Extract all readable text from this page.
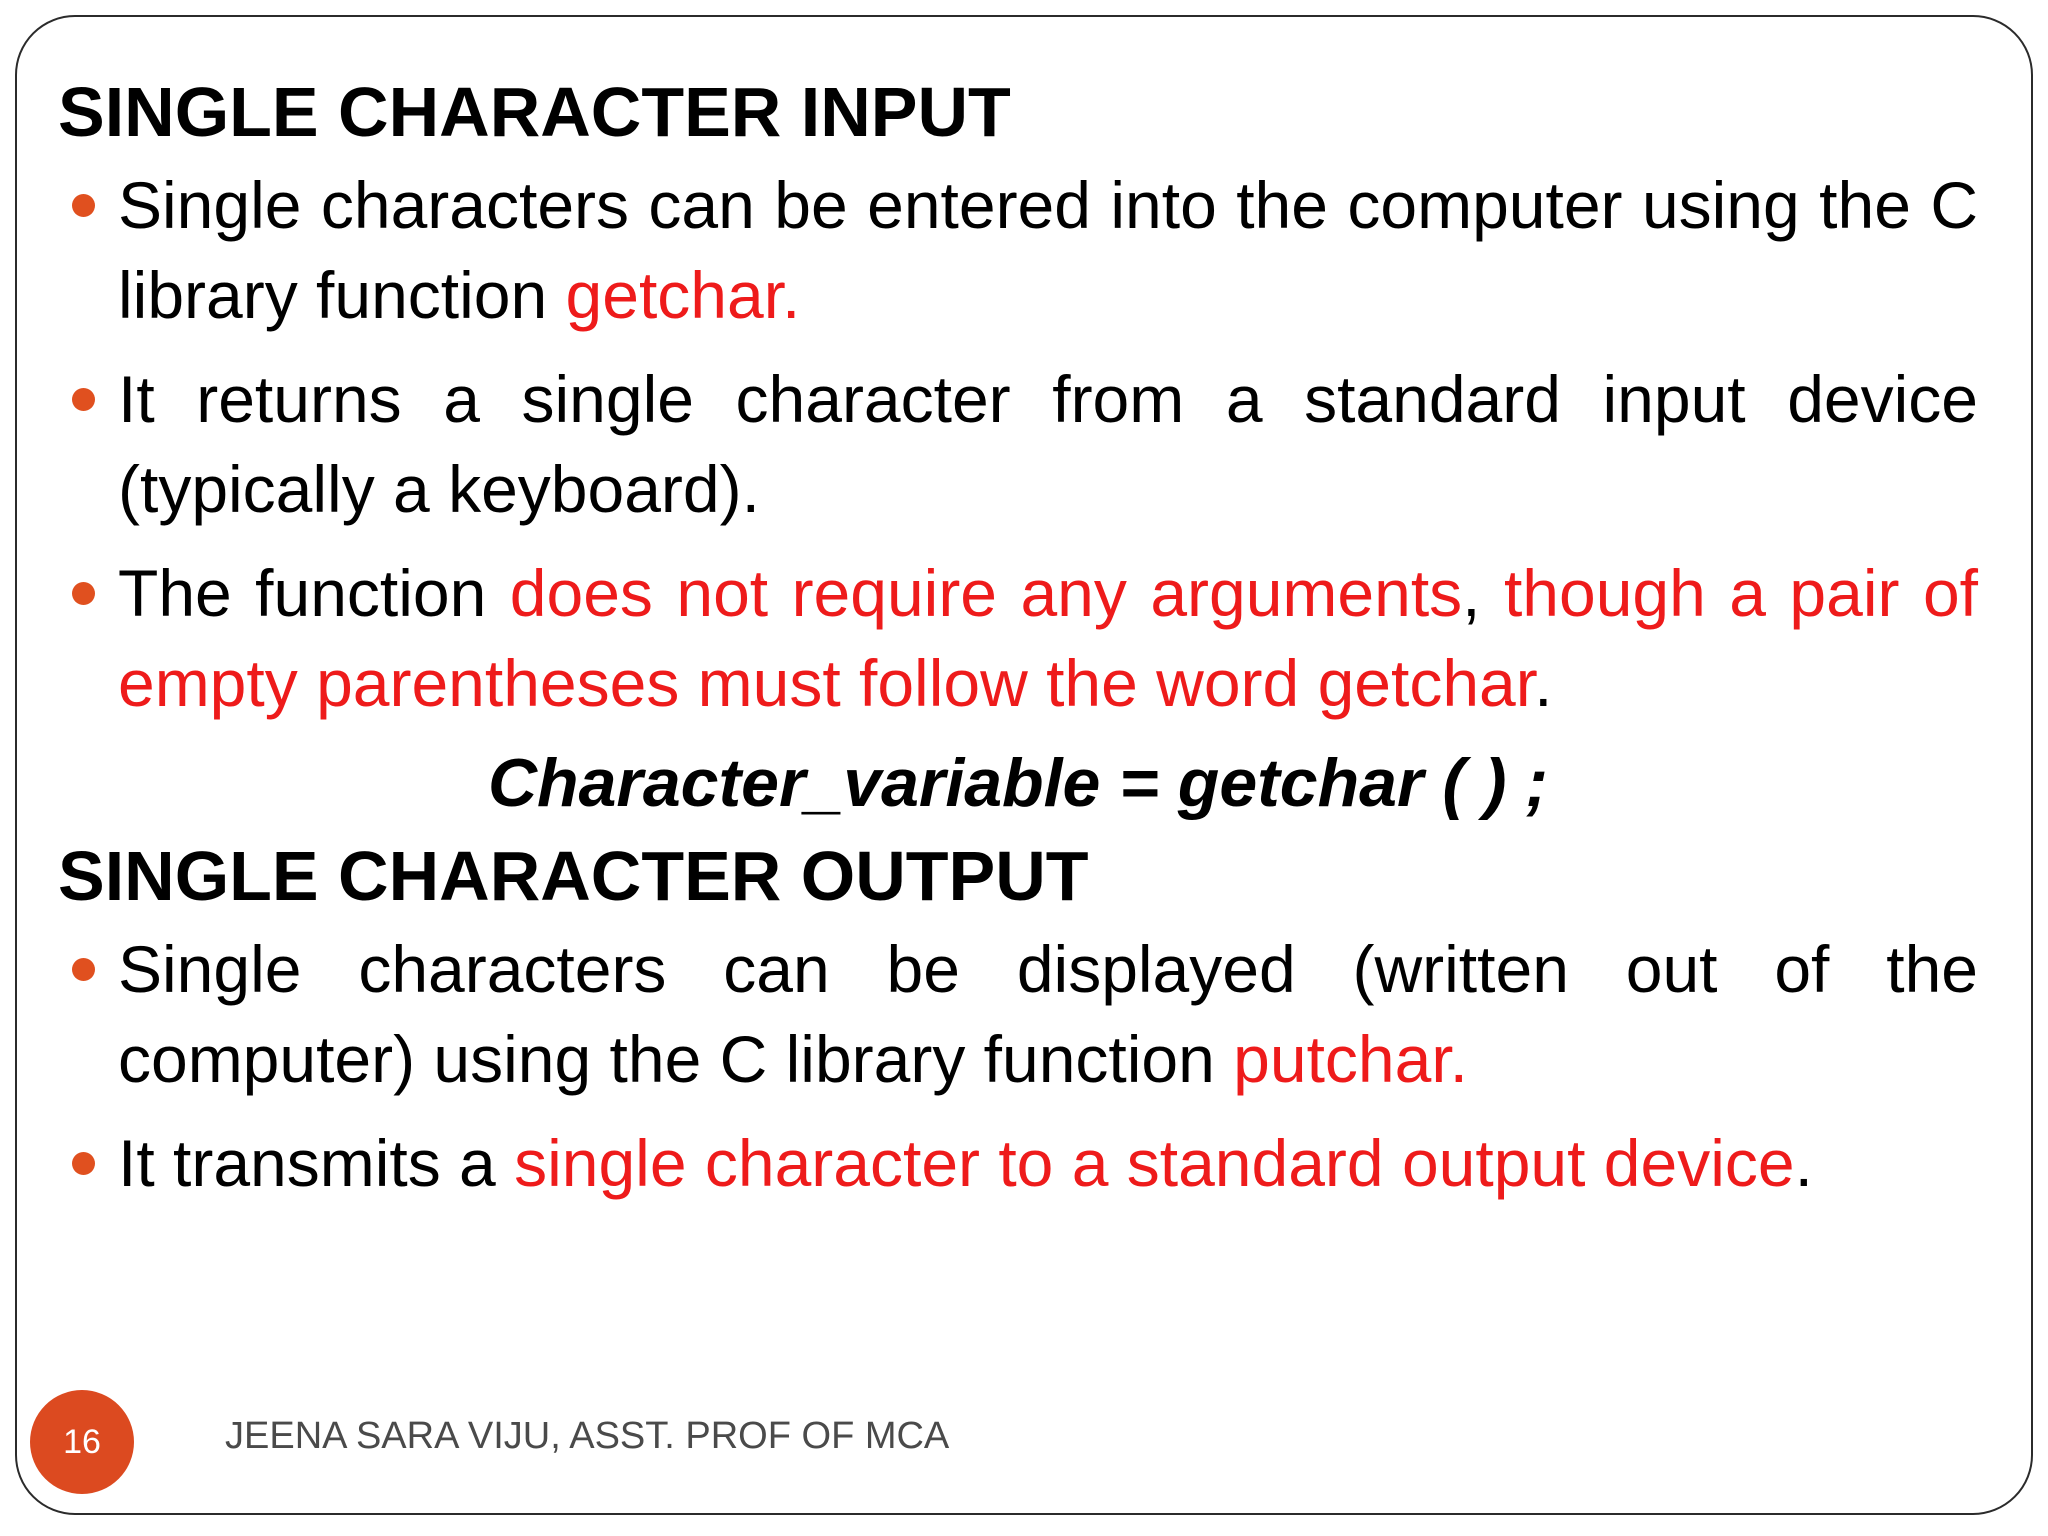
SINGLE CHARACTER INPUT

Single characters can be entered into the computer using the C library function getchar.

It returns a single character from a standard input device (typically a keyboard).

The function does not require any arguments, though a pair of empty parentheses must follow the word getchar.

Character_variable = getchar ( ) ;
SINGLE CHARACTER OUTPUT

Single characters can be displayed (written out of the computer) using the C library function putchar.

It transmits a single character to a standard output device.

16	JEENA SARA VIJU, ASST. PROF OF MCA
